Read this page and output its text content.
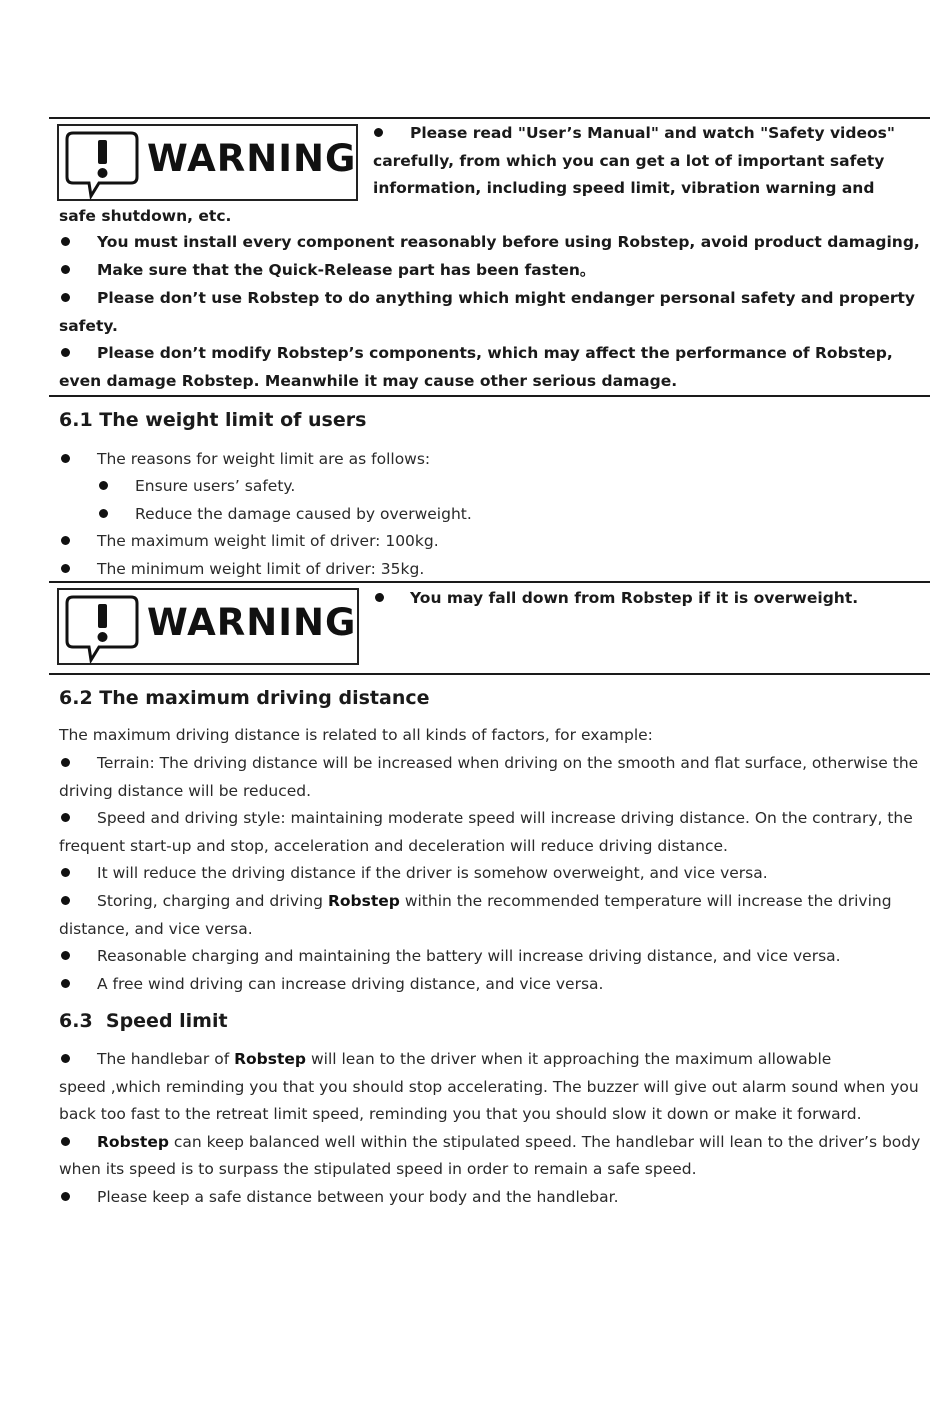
WARNING
Please read "User’s Manual" and watch "Safety videos"
carefully, from which you can get a lot of important safety
information, including speed limit, vibration warning and
safe shutdown, etc.
You must install every component reasonably before using Robstep, avoid product damaging,
Make sure that the Quick-Release part has been fasten。
Please don’t use Robstep to do anything which might endanger personal safety and property
safety.
Please don’t modify Robstep’s components, which may affect the performance of Robstep,
even damage Robstep. Meanwhile it may cause other serious damage.
6.1 The weight limit of users
The reasons for weight limit are as follows:
Ensure users’ safety.
Reduce the damage caused by overweight.
The maximum weight limit of driver: 100kg.
The minimum weight limit of driver: 35kg.
WARNING
You may fall down from Robstep if it is overweight.
6.2 The maximum driving distance
The maximum driving distance is related to all kinds of factors, for example:
Terrain: The driving distance will be increased when driving on the smooth and flat surface, otherwise the
driving distance will be reduced.
Speed and driving style: maintaining moderate speed will increase driving distance. On the contrary, the
frequent start-up and stop, acceleration and deceleration will reduce driving distance.
It will reduce the driving distance if the driver is somehow overweight, and vice versa.
Storing, charging and driving Robstep within the recommended temperature will increase the driving
distance, and vice versa.
Reasonable charging and maintaining the battery will increase driving distance, and vice versa.
A free wind driving can increase driving distance, and vice versa.
6.3  Speed limit
The handlebar of Robstep will lean to the driver when it approaching the maximum allowable
speed ,which reminding you that you should stop accelerating. The buzzer will give out alarm sound when you
back too fast to the retreat limit speed, reminding you that you should slow it down or make it forward.
Robstep can keep balanced well within the stipulated speed. The handlebar will lean to the driver’s body
when its speed is to surpass the stipulated speed in order to remain a safe speed.
Please keep a safe distance between your body and the handlebar.
